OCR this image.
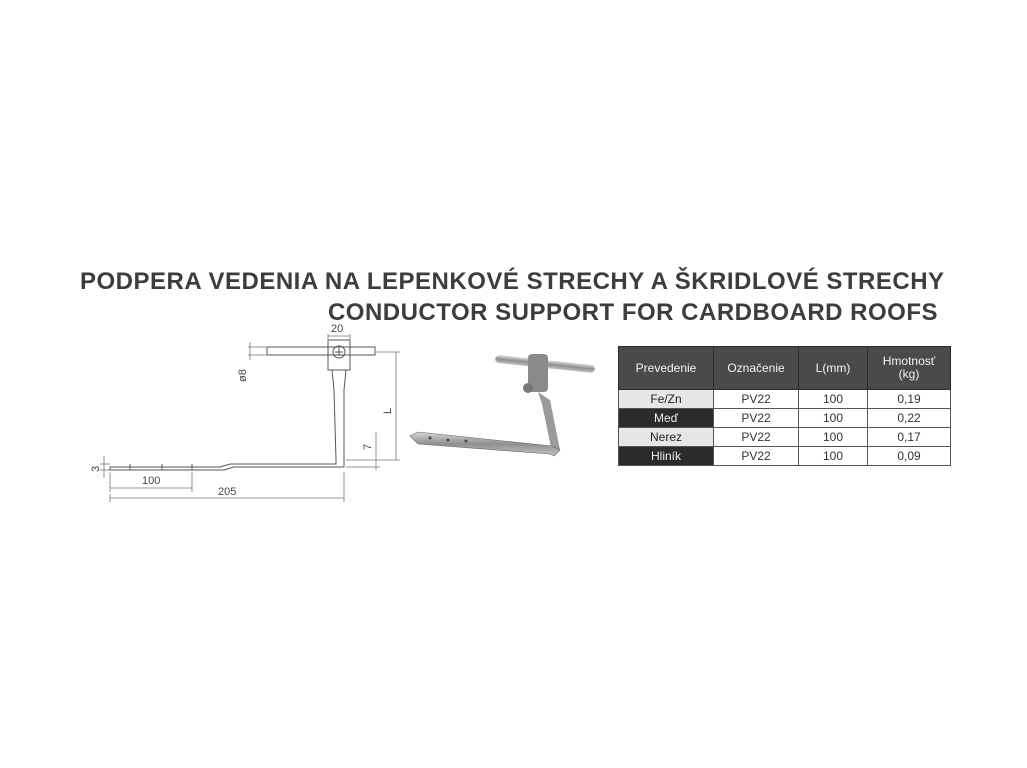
PODPERA VEDENIA NA LEPENKOVÉ STRECHY A ŠKRIDLOVÉ STRECHY
CONDUCTOR SUPPORT FOR CARDBOARD ROOFS
20
ø8
L
7
3
100
205
Prevedenie	Označenie	L(mm)	Hmotnosť
(kg)
Fe/Zn	PV22	100	0,19
Meď	PV22	100	0,22
Nerez	PV22	100	0,17
Hliník	PV22	100	0,09
